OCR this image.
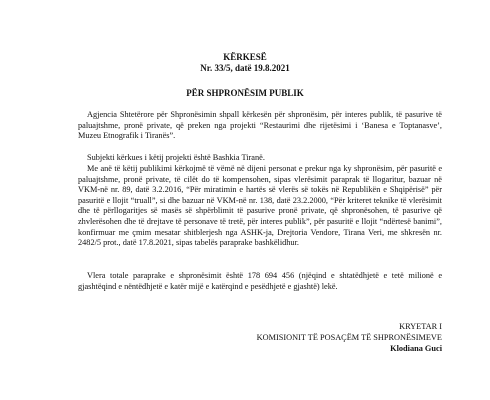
KËRKESË

Nr. 33/5, datë 19.8.2021

PËR SHPRONËSIM PUBLIK

Agjencia Shtetërore për Shpronësimin shpall kërkesën për shpronësim, për interes publik, të pasurive të paluajtshme, pronë private, që preken nga projekti “Restaurimi dhe rijetësimi i ‘Banesa e Toptanasve’, Muzeu Etnografik i Tiranës”.

Subjekti kërkues i këtij projekti është Bashkia Tiranë.

Me anë të këtij publikimi kërkojmë të vëmë në dijeni personat e prekur nga ky shpronësim, për pasuritë e paluajtshme, pronë private, të cilët do të kompensohen, sipas vlerësimit paraprak të llogaritur, bazuar në VKM-në nr. 89, datë 3.2.2016, “Për miratimin e hartës së vlerës së tokës në Republikën e Shqipërisë” për pasuritë e llojit “truall”, si dhe bazuar në VKM-në nr. 138, datë 23.2.2000, “Për kriteret teknike të vlerësimit dhe të përllogaritjes së masës së shpërblimit të pasurive pronë private, që shpronësohen, të pasurive që zhvlerësohen dhe të drejtave të personave të tretë, për interes publik”, për pasuritë e llojit “ndërtesë banimi”, konfirmuar me çmim mesatar shitblerjesh nga ASHK-ja, Drejtoria Vendore, Tirana Veri, me shkresën nr. 2482/5 prot., datë 17.8.2021, sipas tabelës paraprake bashkëlidhur.

Vlera totale paraprake e shpronësimit është 178 694 456 (njëqind e shtatëdhjetë e tetë milionë e gjashtëqind e nëntëdhjetë e katër mijë e katërqind e pesëdhjetë e gjashtë) lekë.

KRYETAR I

KOMISIONIT TË POSAÇËM TË SHPRONËSIMEVE

Klodiana Guci
